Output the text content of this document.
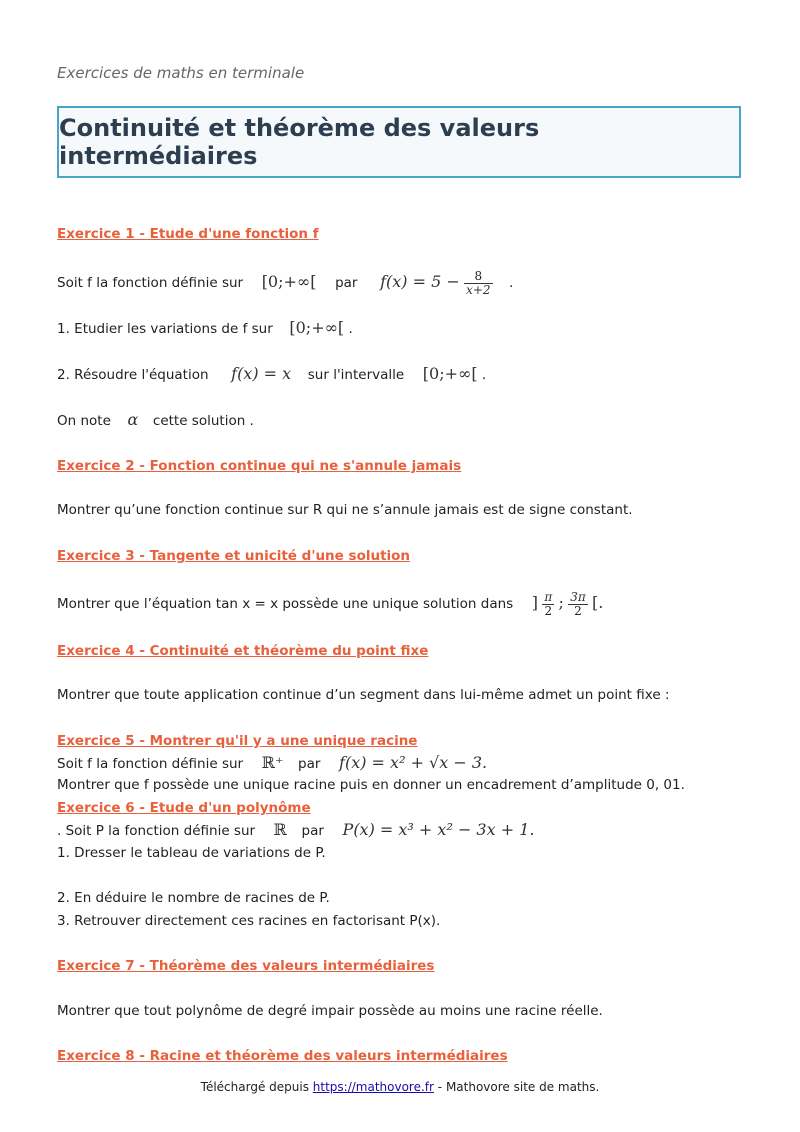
Exercices de maths en terminale
Continuité et théorème des valeurs intermédiaires
Exercice 1 - Etude d'une fonction f
Soit f la fonction définie sur [0;+∞[ par $f(x) = 5 - \frac{8}{x+2}$ .
1. Etudier les variations de f sur [0;+∞[ .
2. Résoudre l'équation f(x) = x sur l'intervalle [0;+∞[ .
On note α cette solution .
Exercice 2 - Fonction continue qui ne s'annule jamais
Montrer qu’une fonction continue sur R qui ne s’annule jamais est de signe constant.
Exercice 3 - Tangente et unicité d'une solution
Montrer que l’équation tan x = x possède une unique solution dans ] $\frac{\pi}{2}$ ; $\frac{3\pi}{2}$ [.
Exercice 4 - Continuité et théorème du point fixe
Montrer que toute application continue d’un segment dans lui-même admet un point fixe :
Exercice 5 - Montrer qu'il y a une unique racine
Soit f la fonction définie sur ℝ⁺ par f(x) = x² + √x − 3.
Montrer que f possède une unique racine puis en donner un encadrement d’amplitude 0, 01.
Exercice 6 - Etude d'un polynôme
. Soit P la fonction définie sur ℝ par P(x) = x³ + x² − 3x + 1.
1. Dresser le tableau de variations de P.
2. En déduire le nombre de racines de P.
3. Retrouver directement ces racines en factorisant P(x).
Exercice 7 - Théorème des valeurs intermédiaires
Montrer que tout polynôme de degré impair possède au moins une racine réelle.
Exercice 8 - Racine et théorème des valeurs intermédiaires
Téléchargé depuis https://mathovore.fr - Mathovore site de maths.
